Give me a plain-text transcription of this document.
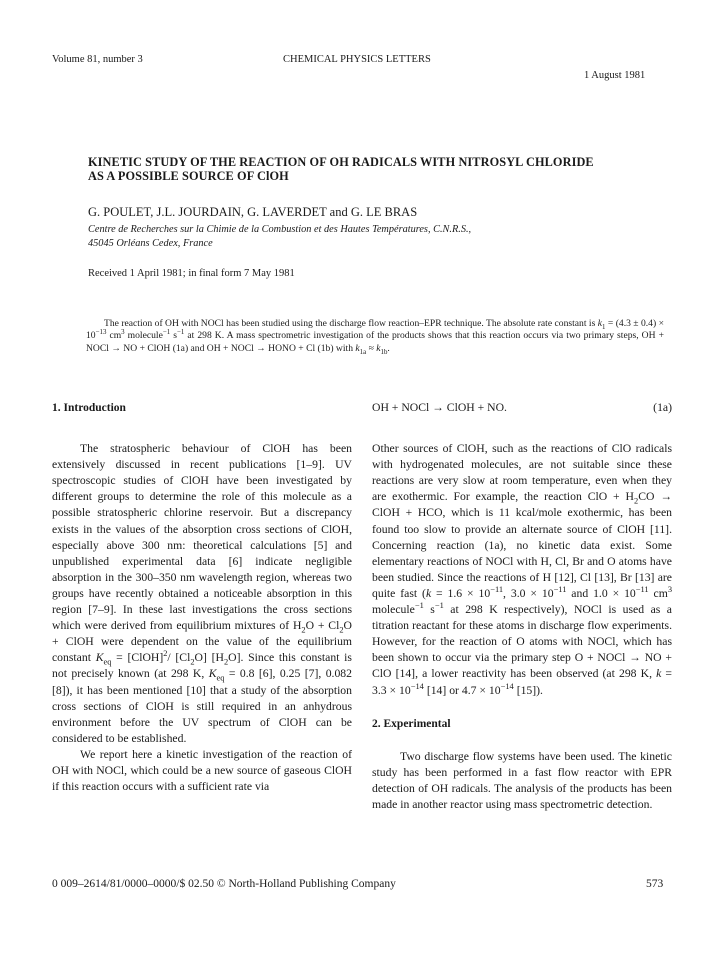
Volume 81, number 3	CHEMICAL PHYSICS LETTERS
1 August 1981
KINETIC STUDY OF THE REACTION OF OH RADICALS WITH NITROSYL CHLORIDE
AS A POSSIBLE SOURCE OF ClOH
G. POULET, J.L. JOURDAIN, G. LAVERDET and G. LE BRAS
Centre de Recherches sur la Chimie de la Combustion et des Hautes Températures, C.N.R.S.,
45045 Orléans Cedex, France
Received 1 April 1981; in final form 7 May 1981
The reaction of OH with NOCl has been studied using the discharge flow reaction–EPR technique. The absolute rate constant is $k_1 = (4.3 \pm 0.4) \times 10^{-13}$ $cm^3$ molecule$^{-1}$ $s^{-1}$ at 298 K. A mass spectrometric investigation of the products shows that this reaction occurs via two primary steps, OH + NOCl → NO + ClOH (1a) and OH + NOCl → HONO + Cl (1b) with $k_{1a} \approx k_{1b}$.

1. Introduction

The stratospheric behaviour of ClOH has been extensively discussed in recent publications [1–9]. UV spectroscopic studies of ClOH have been investigated by different groups to determine the role of this molecule as a possible stratospheric chlorine reservoir. But a discrepancy exists in the values of the absorption cross sections of ClOH, especially above 300 nm: theoretical calculations [5] and unpublished experimental data [6] indicate negligible absorption in the 300–350 nm wavelength region, whereas two groups have recently obtained a noticeable absorption in this region [7–9]. In these last investigations the cross sections which were derived from equilibrium mixtures of $H_2O + Cl_2O$ + ClOH were dependent on the value of the equilibrium constant $K_{eq}$ = [ClOH]$^2$/ $[Cl_2O]$ $[H_2O]$. Since this constant is not precisely known (at 298 K, $K_{eq} = 0.8$ [6], 0.25 [7], 0.082 [8]), it has been mentioned [10] that a study of the absorption cross sections of ClOH is still required in an anhydrous environment before the UV spectrum of ClOH can be considered to be established.

We report here a kinetic investigation of the reaction of OH with NOCl, which could be a new source of gaseous ClOH if this reaction occurs with a sufficient rate via

OH + NOCl → ClOH + NO.	(1a)

Other sources of ClOH, such as the reactions of ClO radicals with hydrogenated molecules, are not suitable since these reactions are very slow at room temperature, even when they are exothermic. For example, the reaction ClO + $H_2CO$ → ClOH + HCO, which is 11 kcal/mole exothermic, has been found too slow to provide an alternate source of ClOH [11]. Concerning reaction (1a), no kinetic data exist. Some elementary reactions of NOCl with H, Cl, Br and O atoms have been studied. Since the reactions of H [12], Cl [13], Br [13] are quite fast ($k = 1.6 \times 10^{-11}$, $3.0 \times 10^{-11}$ and $1.0 \times 10^{-11}$ $cm^3$ molecule$^{-1}$ $s^{-1}$ at 298 K respectively), NOCl is used as a titration reactant for these atoms in discharge flow experiments. However, for the reaction of O atoms with NOCl, which has been shown to occur via the primary step O + NOCl → NO + ClO [14], a lower reactivity has been observed (at 298 K, $k = 3.3 \times 10^{-14}$ [14] or $4.7 \times 10^{-14}$ [15]).

2. Experimental

Two discharge flow systems have been used. The kinetic study has been performed in a fast flow reactor with EPR detection of OH radicals. The analysis of the products has been made in another reactor using mass spectrometric detection.

0 009–2614/81/0000–0000/$ 02.50 © North-Holland Publishing Company	573
